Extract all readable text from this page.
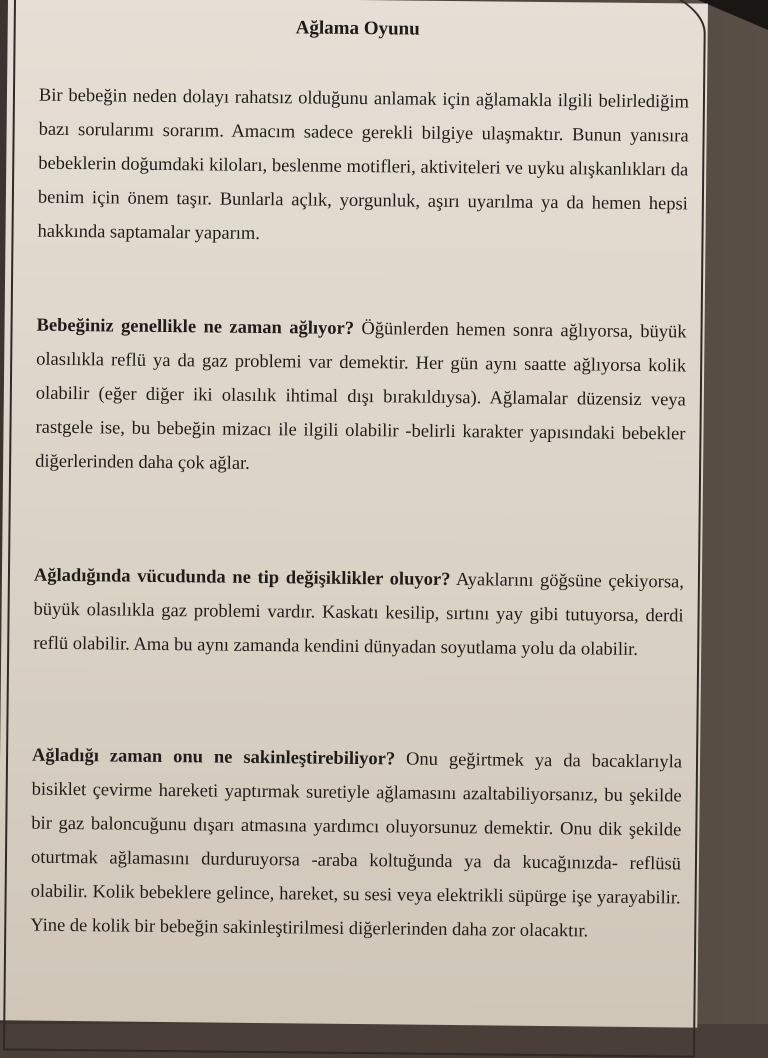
Ağlama Oyunu

Bir bebeğin neden dolayı rahatsız olduğunu anlamak için ağlamakla ilgili belirlediğim bazı sorularımı sorarım. Amacım sadece gerekli bilgiye ulaşmaktır. Bunun yanısıra bebeklerin doğumdaki kiloları, beslenme motifleri, aktiviteleri ve uyku alışkanlıkları da benim için önem taşır. Bunlarla açlık, yorgunluk, aşırı uyarılma ya da hemen hepsi hakkında saptamalar yaparım.

Bebeğiniz genellikle ne zaman ağlıyor? Öğünlerden hemen sonra ağlıyorsa, büyük olasılıkla reflü ya da gaz problemi var demektir. Her gün aynı saatte ağlıyorsa kolik olabilir (eğer diğer iki olasılık ihtimal dışı bırakıldıysa). Ağlamalar düzensiz veya rastgele ise, bu bebeğin mizacı ile ilgili olabilir -belirli karakter yapısındaki bebekler diğerlerinden daha çok ağlar.

Ağladığında vücudunda ne tip değişiklikler oluyor? Ayaklarını göğsüne çekiyorsa, büyük olasılıkla gaz problemi vardır. Kaskatı kesilip, sırtını yay gibi tutuyorsa, derdi reflü olabilir. Ama bu aynı zamanda kendini dünyadan soyutlama yolu da olabilir.

Ağladığı zaman onu ne sakinleştirebiliyor? Onu geğirtmek ya da bacaklarıyla bisiklet çevirme hareketi yaptırmak suretiyle ağlamasını azaltabiliyorsanız, bu şekilde bir gaz baloncuğunu dışarı atmasına yardımcı oluyorsunuz demektir. Onu dik şekilde oturtmak ağlamasını durduruyorsa -araba koltuğunda ya da kucağınızda- reflüsü olabilir. Kolik bebeklere gelince, hareket, su sesi veya elektrikli süpürge işe yarayabilir. Yine de kolik bir bebeğin sakinleştirilmesi diğerlerinden daha zor olacaktır.
